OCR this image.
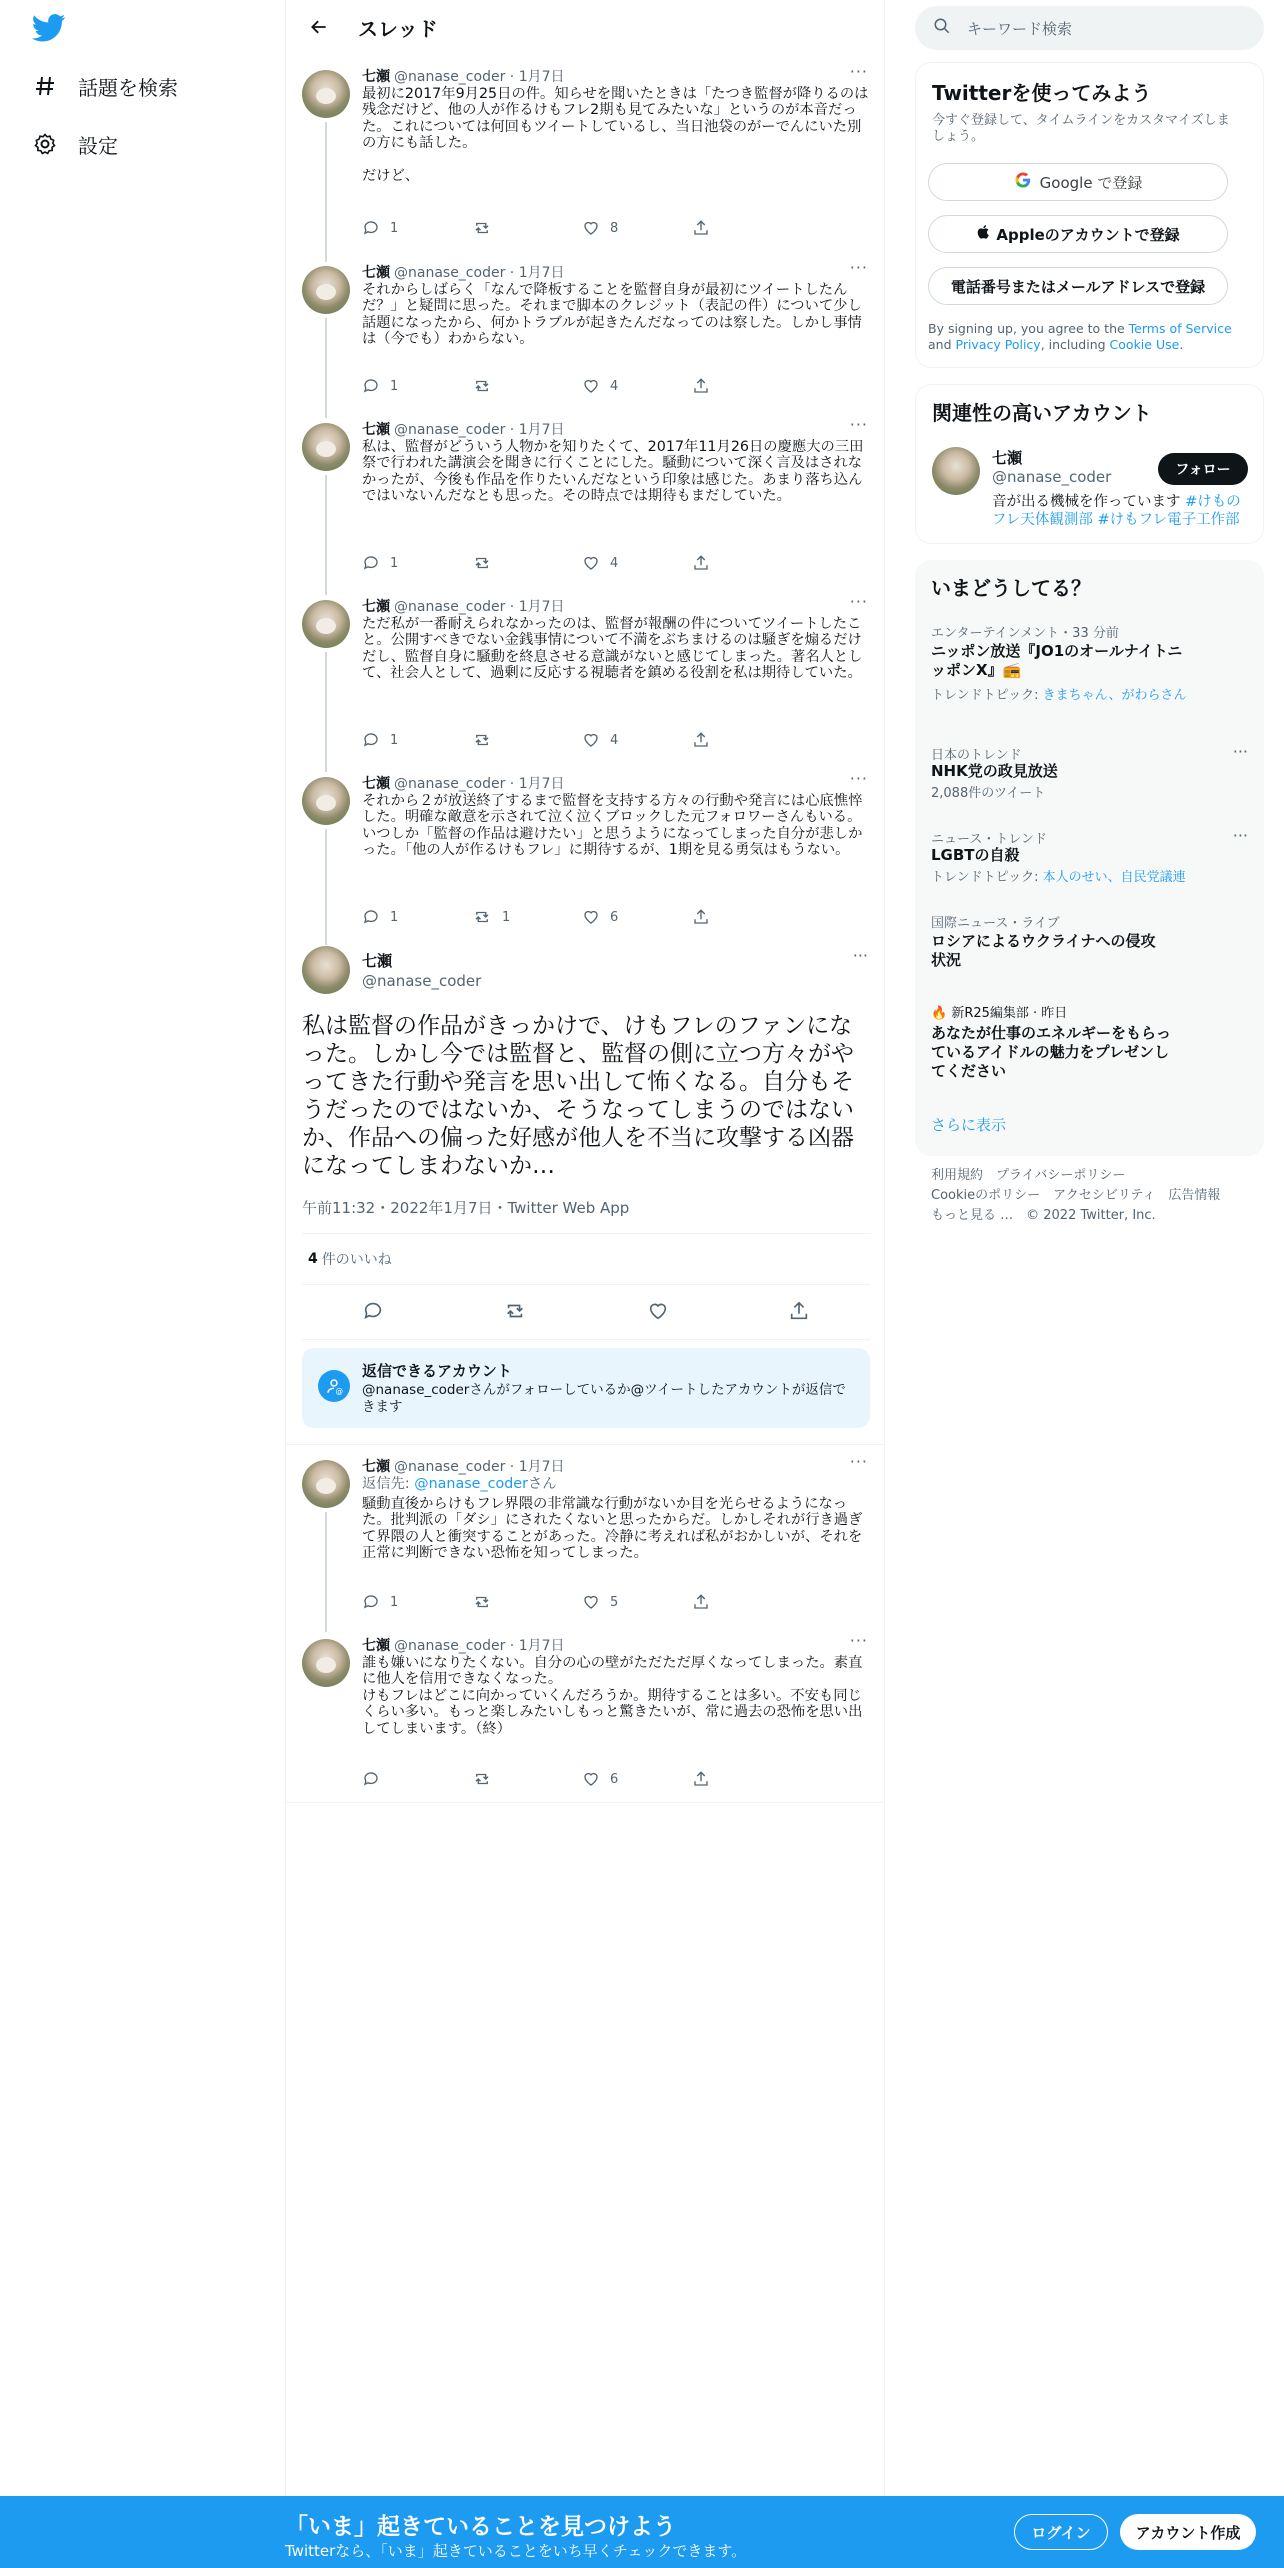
話題を検索
設定
スレッド
七瀬 @nanase_coder · 1月7日	···
最初に2017年9月25日の件。知らせを聞いたときは「たつき監督が降りるのは残念だけど、他の人が作るけもフレ2期も見てみたいな」というのが本音だった。これについては何回もツイートしているし、当日池袋のがーでんにいた別の方にも話した。

だけど、
1	8
七瀬 @nanase_coder · 1月7日	···
それからしばらく「なんで降板することを監督自身が最初にツイートしたんだ？」と疑問に思った。それまで脚本のクレジット（表記の件）について少し話題になったから、何かトラブルが起きたんだなってのは察した。しかし事情は（今でも）わからない。
1	4
七瀬 @nanase_coder · 1月7日	···
私は、監督がどういう人物かを知りたくて、2017年11月26日の慶應大の三田祭で行われた講演会を聞きに行くことにした。騒動について深く言及はされなかったが、今後も作品を作りたいんだなという印象は感じた。あまり落ち込んではいないんだなとも思った。その時点では期待もまだしていた。
1	4
七瀬 @nanase_coder · 1月7日	···
ただ私が一番耐えられなかったのは、監督が報酬の件についてツイートしたこと。公開すべきでない金銭事情について不満をぶちまけるのは騒ぎを煽るだけだし、監督自身に騒動を終息させる意識がないと感じてしまった。著名人として、社会人として、過剰に反応する視聴者を鎮める役割を私は期待していた。
1	4
七瀬 @nanase_coder · 1月7日	···
それから２が放送終了するまで監督を支持する方々の行動や発言には心底憔悴した。明確な敵意を示されて泣く泣くブロックした元フォロワーさんもいる。いつしか「監督の作品は避けたい」と思うようになってしまった自分が悲しかった。「他の人が作るけもフレ」に期待するが、1期を見る勇気はもうない。
1	1	6
七瀬
@nanase_coder
···
私は監督の作品がきっかけで、けもフレのファンになった。しかし今では監督と、監督の側に立つ方々がやってきた行動や発言を思い出して怖くなる。自分もそうだったのではないか、そうなってしまうのではないか、作品への偏った好感が他人を不当に攻撃する凶器になってしまわないか…
午前11:32・2022年1月7日・Twitter Web App
4 件のいいね
@
返信できるアカウント
@nanase_coderさんがフォローしているか@ツイートしたアカウントが返信できます
七瀬 @nanase_coder · 1月7日	···
返信先: @nanase_coderさん
騒動直後からけもフレ界隈の非常識な行動がないか目を光らせるようになった。批判派の「ダシ」にされたくないと思ったからだ。しかしそれが行き過ぎて界隈の人と衝突することがあった。冷静に考えれば私がおかしいが、それを正常に判断できない恐怖を知ってしまった。
1	5
七瀬 @nanase_coder · 1月7日	···
誰も嫌いになりたくない。自分の心の壁がただただ厚くなってしまった。素直に他人を信用できなくなった。
けもフレはどこに向かっていくんだろうか。期待することは多い。不安も同じくらい多い。もっと楽しみたいしもっと驚きたいが、常に過去の恐怖を思い出してしまいます。（終）
6
キーワード検索
Twitterを使ってみよう
今すぐ登録して、タイムラインをカスタマイズしましょう。
Google で登録
Appleのアカウントで登録
電話番号またはメールアドレスで登録
By signing up, you agree to the Terms of Service and Privacy Policy, including Cookie Use.
関連性の高いアカウント
七瀬
@nanase_coder	フォロー
音が出る機械を作っています #けものフレ天体観測部 #けもフレ電子工作部
いまどうしてる？
エンターテインメント・33 分前
ニッポン放送『JO1のオールナイトニッポンX』📻
トレンドトピック: きまちゃん、がわらさん
日本のトレンド
NHK党の政見放送
2,088件のツイート
···
ニュース・トレンド
LGBTの自殺
トレンドトピック: 本人のせい、自民党議連
···
国際ニュース・ライブ
ロシアによるウクライナへの侵攻状況
🔥 新R25編集部 · 昨日
あなたが仕事のエネルギーをもらっているアイドルの魅力をプレゼンしてください
さらに表示
利用規約　プライバシーポリシー
Cookieのポリシー　アクセシビリティ　広告情報
もっと見る …　© 2022 Twitter, Inc.
「いま」起きていることを見つけよう
Twitterなら、「いま」起きていることをいち早くチェックできます。
ログイン	アカウント作成
